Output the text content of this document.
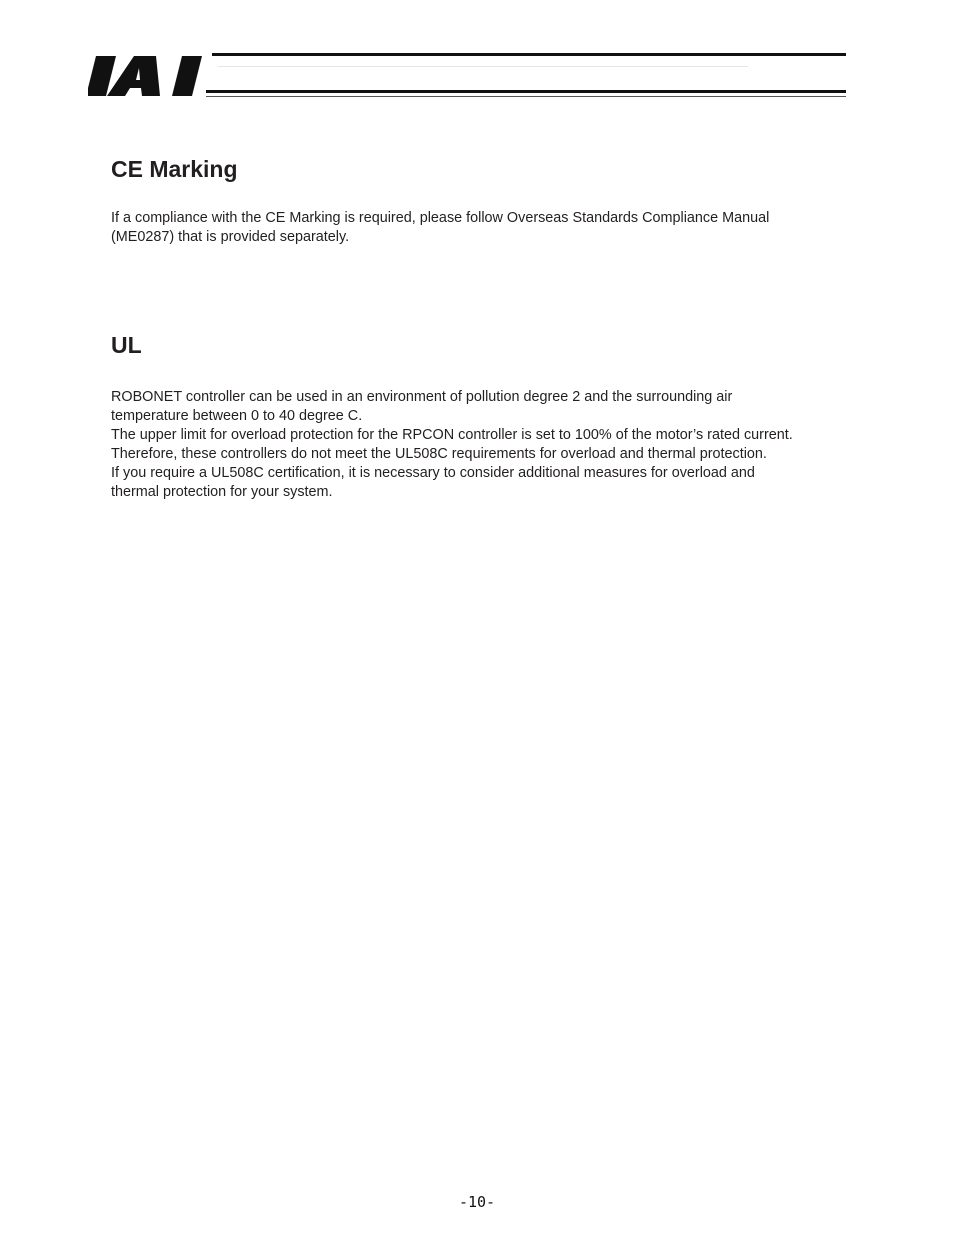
CE Marking

If a compliance with the CE Marking is required, please follow Overseas Standards Compliance Manual

(ME0287) that is provided separately.

UL

ROBONET controller can be used in an environment of pollution degree 2 and the surrounding air

temperature between 0 to 40 degree C.

The upper limit for overload protection for the RPCON controller is set to 100% of the motor’s rated current.

Therefore, these controllers do not meet the UL508C requirements for overload and thermal protection.

If you require a UL508C certification, it is necessary to consider additional measures for overload and

thermal protection for your system.

-10-
